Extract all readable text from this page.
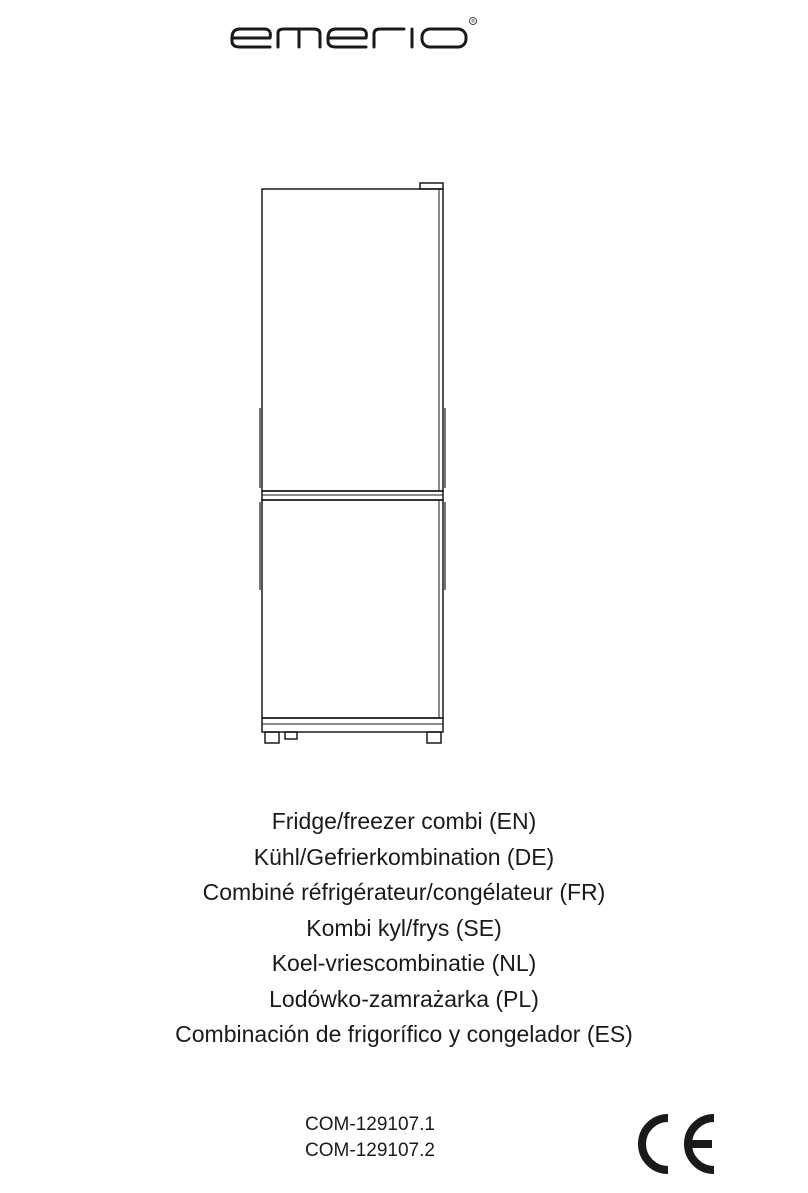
®
Fridge/freezer combi (EN)
Kühl/Gefrierkombination (DE)
Combiné réfrigérateur/congélateur (FR)
Kombi kyl/frys (SE)
Koel-vriescombinatie (NL)
Lodówko-zamrażarka (PL)
Combinación de frigorífico y congelador (ES)
COM-129107.1
COM-129107.2
